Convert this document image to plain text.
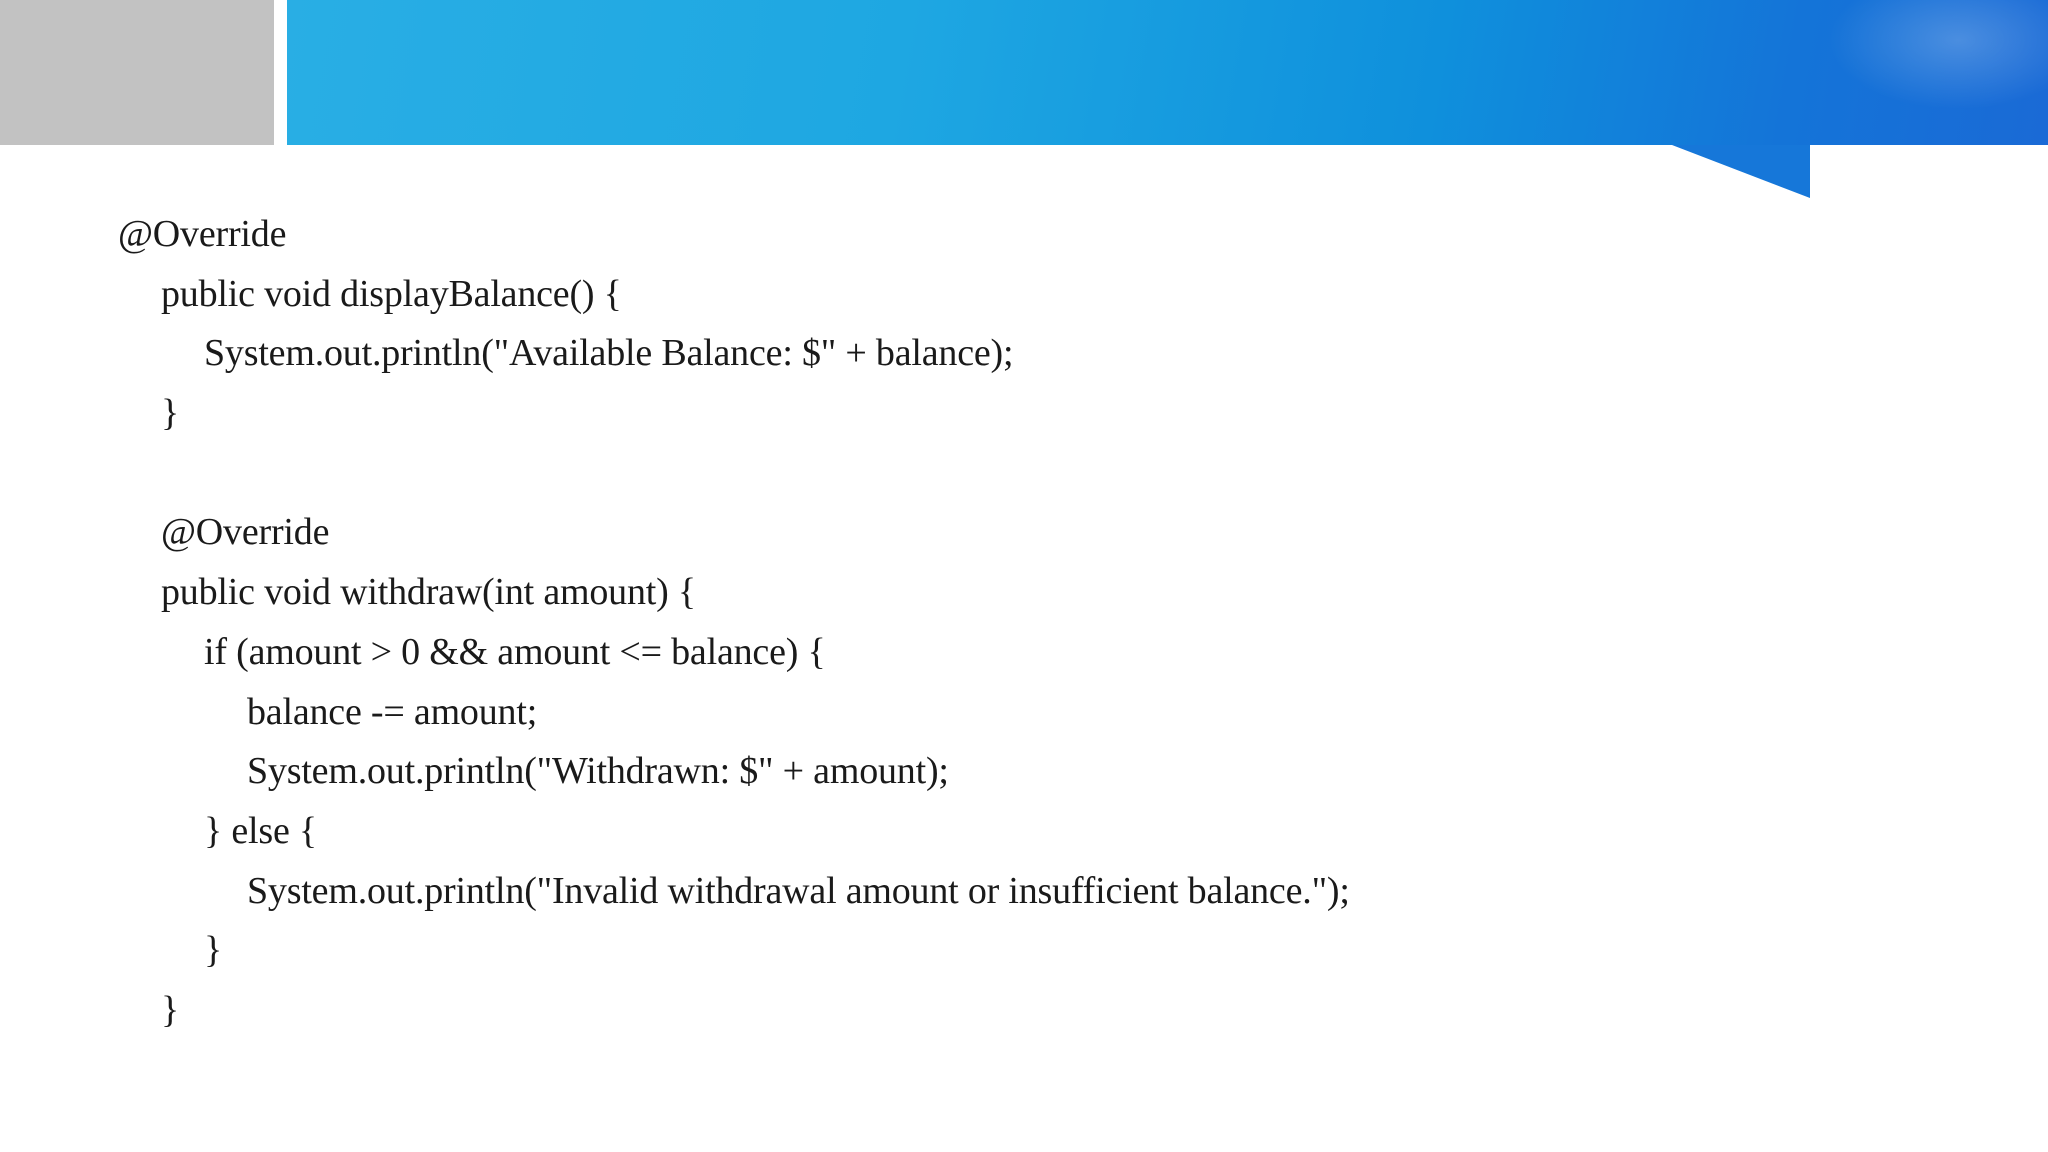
@Override
public void displayBalance() {
System.out.println("Available Balance: $" + balance);
}
@Override
public void withdraw(int amount) {
if (amount > 0 && amount <= balance) {
balance -= amount;
System.out.println("Withdrawn: $" + amount);
} else {
System.out.println("Invalid withdrawal amount or insufficient balance.");
}
}
